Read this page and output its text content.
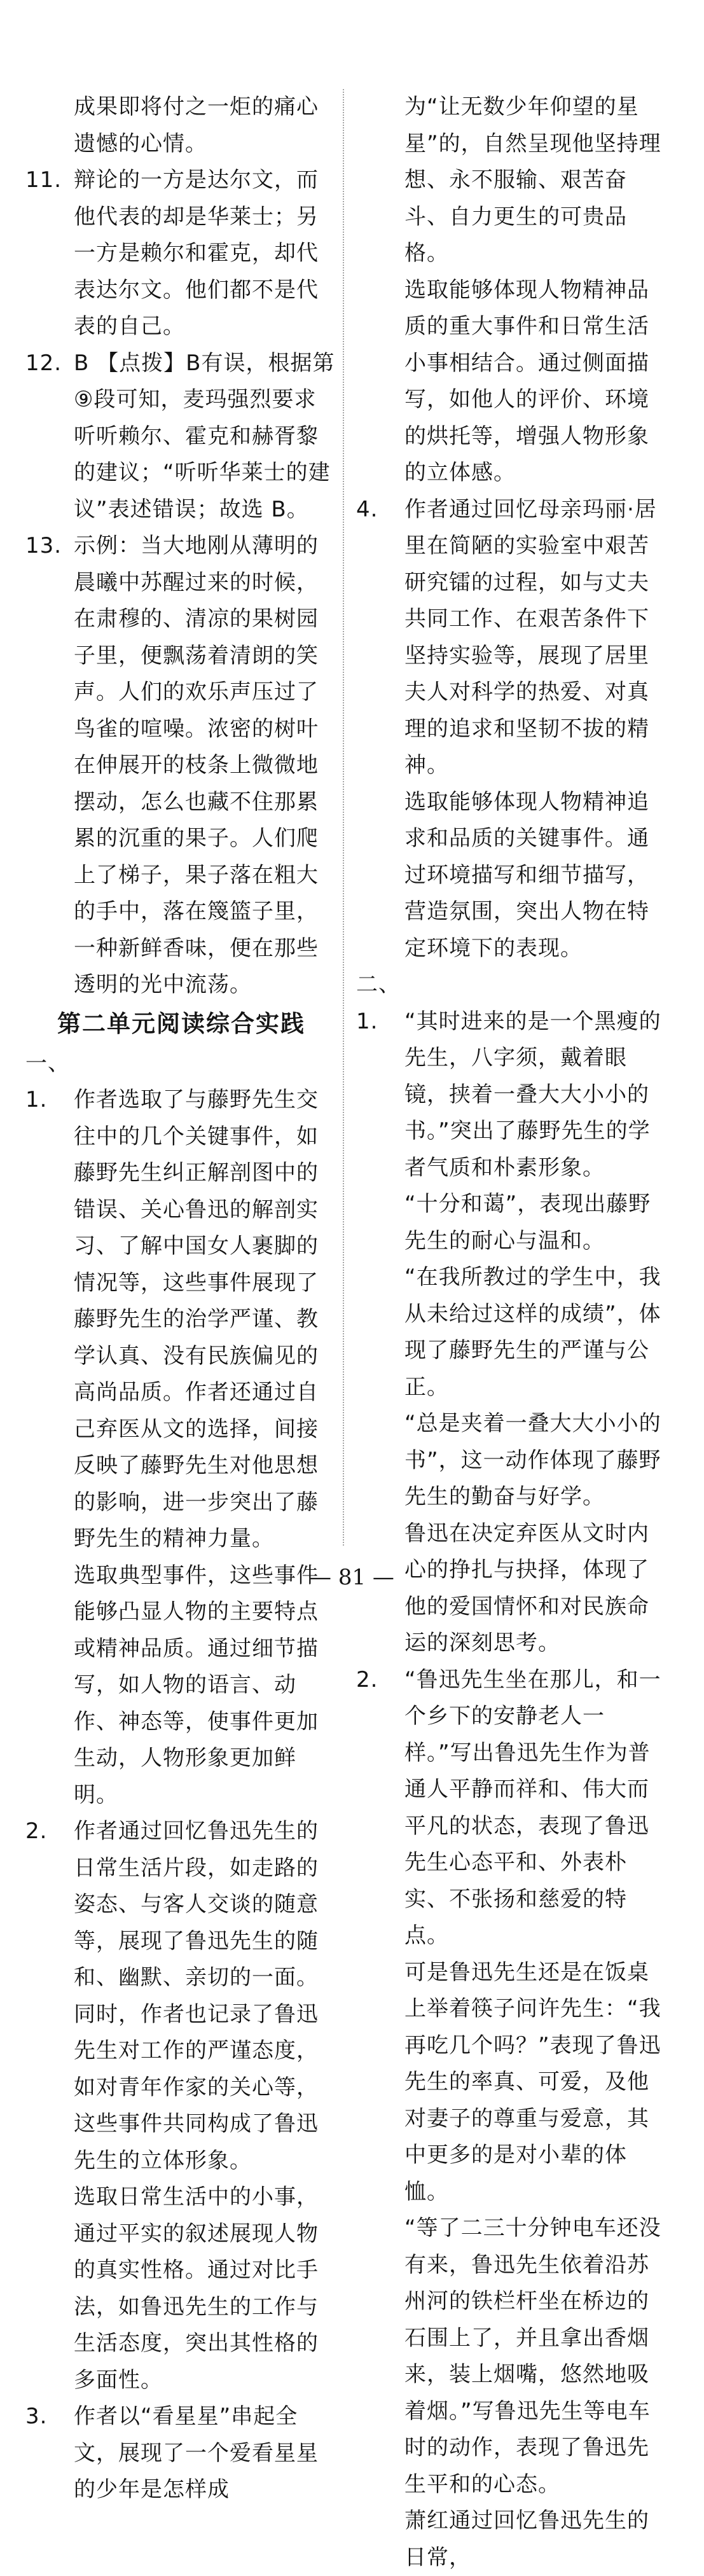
成果即将付之一炬的痛心遗憾的心情。
11. 辩论的一方是达尔文，而他代表的却是华莱士；另一方是赖尔和霍克，却代表达尔文。他们都不是代表的自己。
12. B 【点拨】B有误，根据第⑨段可知，麦玛强烈要求听听赖尔、霍克和赫胥黎的建议；“听听华莱士的建议”表述错误；故选 B。
13. 示例：当大地刚从薄明的晨曦中苏醒过来的时候，在肃穆的、清凉的果树园子里，便飘荡着清朗的笑声。人们的欢乐声压过了鸟雀的喧噪。浓密的树叶在伸展开的枝条上微微地摆动，怎么也藏不住那累累的沉重的果子。人们爬上了梯子，果子落在粗大的手中，落在篾篮子里，一种新鲜香味，便在那些透明的光中流荡。
第二单元阅读综合实践
一、
1. 作者选取了与藤野先生交往中的几个关键事件，如藤野先生纠正解剖图中的错误、关心鲁迅的解剖实习、了解中国女人裹脚的情况等，这些事件展现了藤野先生的治学严谨、教学认真、没有民族偏见的高尚品质。作者还通过自己弃医从文的选择，间接反映了藤野先生对他思想的影响，进一步突出了藤野先生的精神力量。
选取典型事件，这些事件能够凸显人物的主要特点或精神品质。通过细节描写，如人物的语言、动作、神态等，使事件更加生动，人物形象更加鲜明。
2. 作者通过回忆鲁迅先生的日常生活片段，如走路的姿态、与客人交谈的随意等，展现了鲁迅先生的随和、幽默、亲切的一面。同时，作者也记录了鲁迅先生对工作的严谨态度，如对青年作家的关心等，这些事件共同构成了鲁迅先生的立体形象。
选取日常生活中的小事，通过平实的叙述展现人物的真实性格。通过对比手法，如鲁迅先生的工作与生活态度，突出其性格的多面性。
3. 作者以“看星星”串起全文，展现了一个爱看星星的少年是怎样成
为“让无数少年仰望的星星”的，自然呈现他坚持理想、永不服输、艰苦奋斗、自力更生的可贵品格。
选取能够体现人物精神品质的重大事件和日常生活小事相结合。通过侧面描写，如他人的评价、环境的烘托等，增强人物形象的立体感。
4. 作者通过回忆母亲玛丽·居里在简陋的实验室中艰苦研究镭的过程，如与丈夫共同工作、在艰苦条件下坚持实验等，展现了居里夫人对科学的热爱、对真理的追求和坚韧不拔的精神。
选取能够体现人物精神追求和品质的关键事件。通过环境描写和细节描写，营造氛围，突出人物在特定环境下的表现。
二、
1. “其时进来的是一个黑瘦的先生，八字须，戴着眼镜，挟着一叠大大小小的书。”突出了藤野先生的学者气质和朴素形象。
“十分和蔼”，表现出藤野先生的耐心与温和。
“在我所教过的学生中，我从未给过这样的成绩”，体现了藤野先生的严谨与公正。
“总是夹着一叠大大小小的书”，这一动作体现了藤野先生的勤奋与好学。
鲁迅在决定弃医从文时内心的挣扎与抉择，体现了他的爱国情怀和对民族命运的深刻思考。
2. “鲁迅先生坐在那儿，和一个乡下的安静老人一样。”写出鲁迅先生作为普通人平静而祥和、伟大而平凡的状态，表现了鲁迅先生心态平和、外表朴实、不张扬和慈爱的特点。
可是鲁迅先生还是在饭桌上举着筷子问许先生：“我再吃几个吗？”表现了鲁迅先生的率真、可爱，及他对妻子的尊重与爱意，其中更多的是对小辈的体恤。
“等了二三十分钟电车还没有来，鲁迅先生依着沿苏州河的铁栏杆坐在桥边的石围上了，并且拿出香烟来，装上烟嘴，悠然地吸着烟。”写鲁迅先生等电车时的动作，表现了鲁迅先生平和的心态。
萧红通过回忆鲁迅先生的日常，
— 81 —
